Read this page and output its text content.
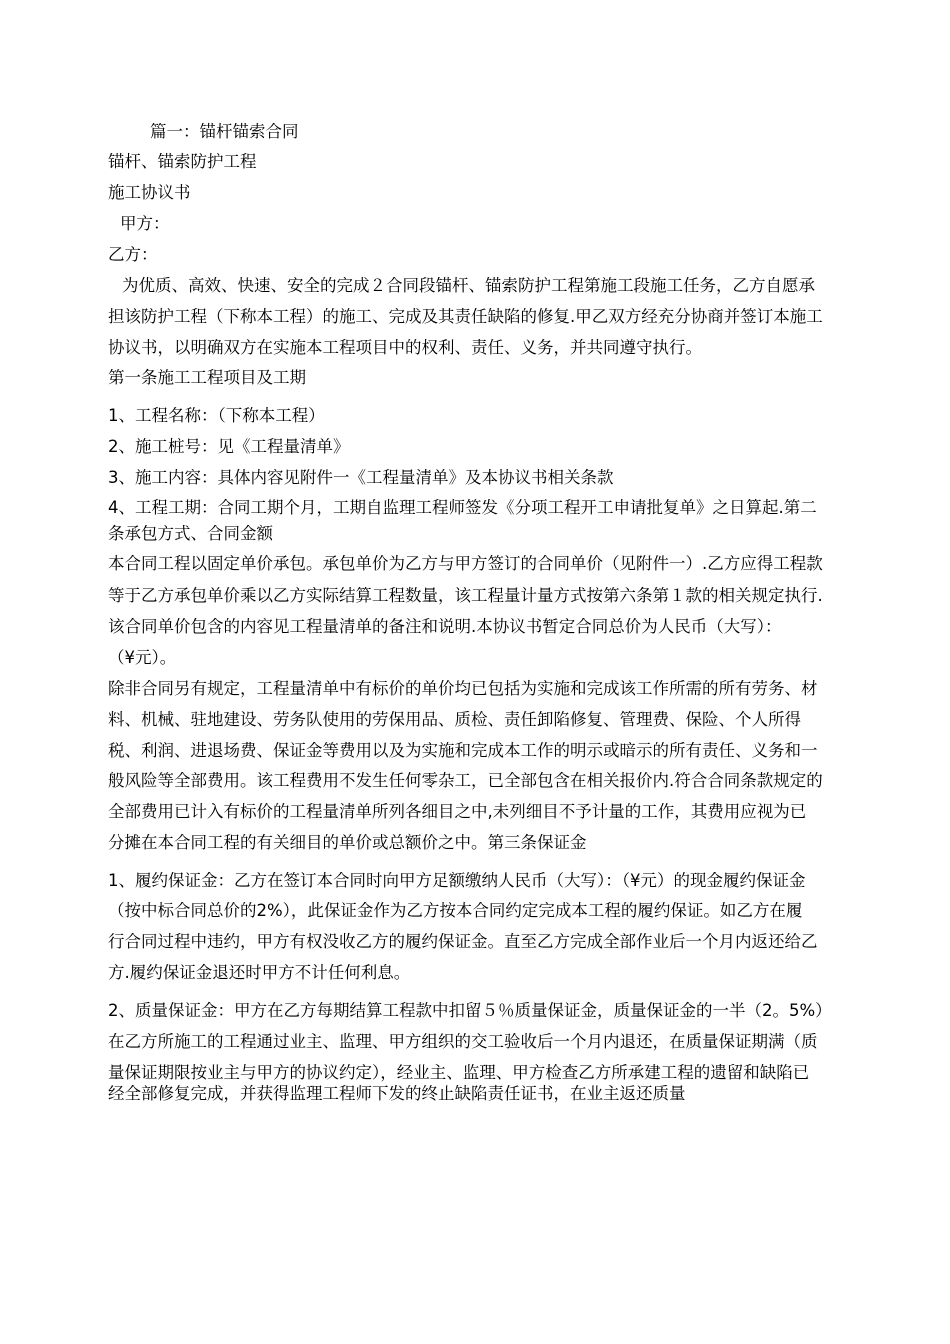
篇一：锚杆锚索合同
锚杆、锚索防护工程
施工协议书
甲方：
乙方：
为优质、高效、快速、安全的完成２合同段锚杆、锚索防护工程第施工段施工任务，乙方自愿承
担该防护工程（下称本工程）的施工、完成及其责任缺陷的修复.甲乙双方经充分协商并签订本施工
协议书，以明确双方在实施本工程项目中的权利、责任、义务，并共同遵守执行。
第一条施工工程项目及工期
1、工程名称：（下称本工程）
2、施工桩号：见《工程量清单》
3、施工内容：具体内容见附件一《工程量清单》及本协议书相关条款
4、工程工期：合同工期个月，工期自监理工程师签发《分项工程开工申请批复单》之日算起.第二
条承包方式、合同金额
本合同工程以固定单价承包。承包单价为乙方与甲方签订的合同单价（见附件一）.乙方应得工程款
等于乙方承包单价乘以乙方实际结算工程数量，该工程量计量方式按第六条第１款的相关规定执行.
该合同单价包含的内容见工程量清单的备注和说明.本协议书暂定合同总价为人民币（大写）：
（¥元）。
除非合同另有规定，工程量清单中有标价的单价均已包括为实施和完成该工作所需的所有劳务、材
料、机械、驻地建设、劳务队使用的劳保用品、质检、责任卸陷修复、管理费、保险、个人所得
税、利润、进退场费、保证金等费用以及为实施和完成本工作的明示或暗示的所有责任、义务和一
般风险等全部费用。该工程费用不发生任何零杂工，已全部包含在相关报价内.符合合同条款规定的
全部费用已计入有标价的工程量清单所列各细目之中,未列细目不予计量的工作，其费用应视为已
分摊在本合同工程的有关细目的单价或总额价之中。第三条保证金
1、履约保证金：乙方在签订本合同时向甲方足额缴纳人民币（大写）：（¥元）的现金履约保证金
（按中标合同总价的2%），此保证金作为乙方按本合同约定完成本工程的履约保证。如乙方在履
行合同过程中违约，甲方有权没收乙方的履约保证金。直至乙方完成全部作业后一个月内返还给乙
方.履约保证金退还时甲方不计任何利息。
2、质量保证金：甲方在乙方每期结算工程款中扣留５％质量保证金，质量保证金的一半（2。5%）
在乙方所施工的工程通过业主、监理、甲方组织的交工验收后一个月内退还，在质量保证期满（质
量保证期限按业主与甲方的协议约定），经业主、监理、甲方检查乙方所承建工程的遗留和缺陷已
经全部修复完成，并获得监理工程师下发的终止缺陷责任证书，在业主返还质量
